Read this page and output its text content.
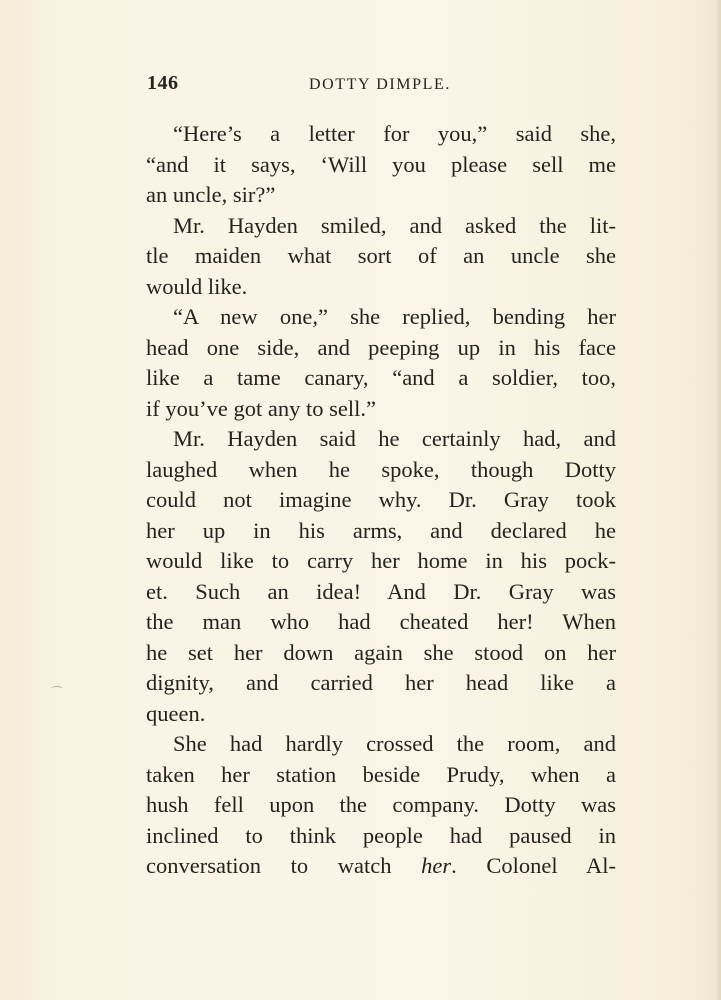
146	DOTTY DIMPLE.
“Here’s a letter for you,” said she,
“and it says, ‘Will you please sell me
an uncle, sir?”
Mr. Hayden smiled, and asked the lit-
tle maiden what sort of an uncle she
would like.
“A new one,” she replied, bending her
head one side, and peeping up in his face
like a tame canary, “and a soldier, too,
if you’ve got any to sell.”
Mr. Hayden said he certainly had, and
laughed when he spoke, though Dotty
could not imagine why. Dr. Gray took
her up in his arms, and declared he
would like to carry her home in his pock-
et. Such an idea! And Dr. Gray was
the man who had cheated her! When
he set her down again she stood on her
dignity, and carried her head like a
queen.
She had hardly crossed the room, and
taken her station beside Prudy, when a
hush fell upon the company. Dotty was
inclined to think people had paused in
conversation to watch her. Colonel Al-
⁀
